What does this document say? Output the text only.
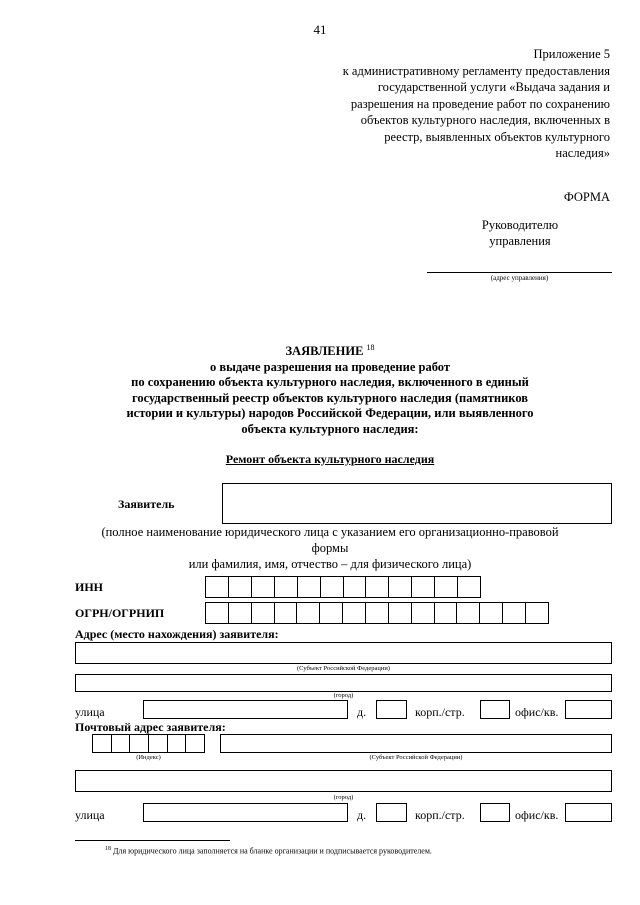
41
Приложение 5
к административному регламенту предоставления
государственной услуги «Выдача задания и
разрешения на проведение работ по сохранению
объектов культурного наследия, включенных в
реестр, выявленных объектов культурного
наследия»
ФОРМА
Руководителю
управления
(адрес управления)
ЗАЯВЛЕНИЕ $^{18}$
о выдаче разрешения на проведение работ
по сохранению объекта культурного наследия, включенного в единый
государственный реестр объектов культурного наследия (памятников
истории и культуры) народов Российской Федерации, или выявленного
объекта культурного наследия:
Ремонт объекта культурного наследия
Заявитель
(полное наименование юридического лица с указанием его организационно-правовой
формы
или фамилия, имя, отчество – для физического лица)
ИНН
ОГРН/ОГРНИП
Адрес (место нахождения) заявителя:
(Субъект Российской Федерации)
(город)
улица	д.	корп./стр.	офис/кв.
Почтовый адрес заявителя:
(Индекс)	(Субъект Российской Федерации)
(город)
улица	д.	корп./стр.	офис/кв.
$^{18}$ Для юридического лица заполняется на бланке организации и подписывается руководителем.
